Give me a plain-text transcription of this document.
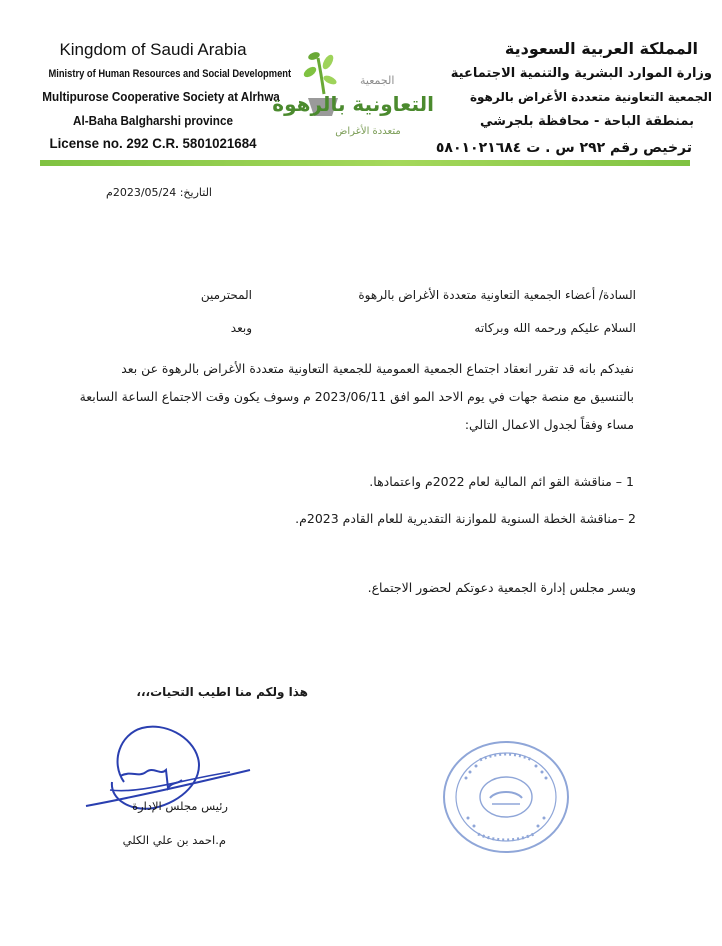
Kingdom of Saudi Arabia
Ministry of Human Resources and Social Development
Multipurose Cooperative Society at Alrhwa
Al-Baha Balgharshi province
License no. 292 C.R. 5801021684
الجمعية
التعاونية بالرهوة
متعددة الأغراض
المملكة العربية السعودية
وزارة الموارد البشرية والتنمية الاجتماعية
الجمعية التعاونية متعددة الأغراض بالرهوة
بمنطقة الباحة - محافظة بلجرشي
ترخيص رقم ٢٩٢ س . ت ٥٨٠١٠٢١٦٨٤
التاريخ: 2023/05/24م
السادة/ أعضاء الجمعية التعاونية متعددة الأغراض بالرهوة
المحترمين
السلام عليكم ورحمه الله وبركاته
وبعد
نفيدكم بانه قد تقرر انعقاد اجتماع الجمعية العمومية للجمعية التعاونية متعددة الأغراض بالرهوة عن بعد بالتنسيق مع منصة جهات في يوم الاحد المو افق 2023/06/11 م وسوف يكون وقت الاجتماع الساعة السابعة مساء وفقاً لجدول الاعمال التالي:
1 – مناقشة القو ائم المالية لعام 2022م واعتمادها.
2 –مناقشة الخطة السنوية للموازنة التقديرية للعام القادم 2023م.
ويسر مجلس إدارة الجمعية دعوتكم لحضور الاجتماع.
هذا ولكم منا اطيب التحيات،،،
رئيس مجلس الإدارة
م.احمد بن علي الكلي
